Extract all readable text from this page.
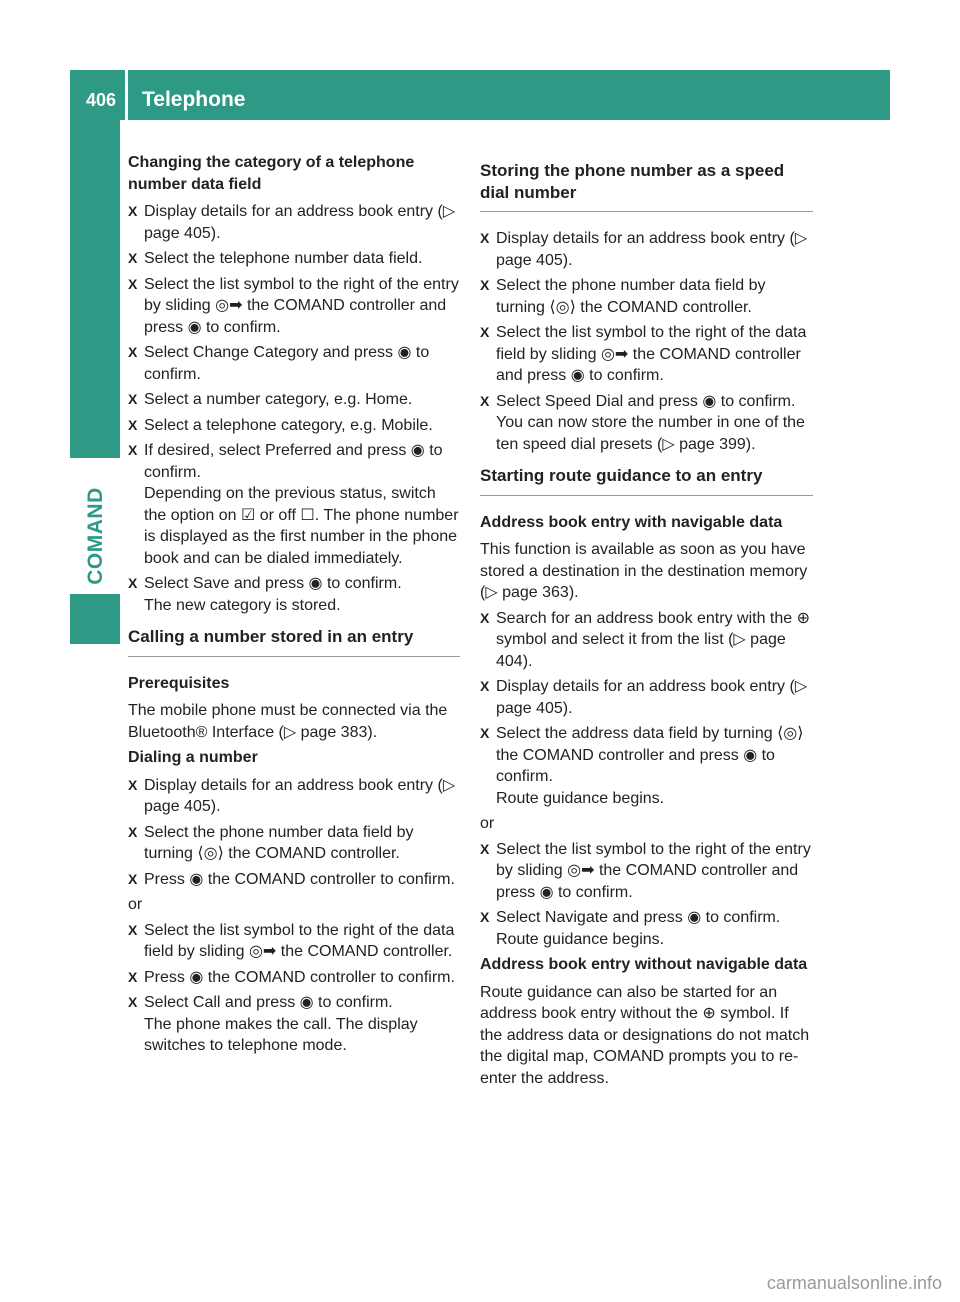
406 Telephone
COMAND
Changing the category of a telephone number data field
X Display details for an address book entry (▷ page 405).
X Select the telephone number data field.
X Select the list symbol to the right of the entry by sliding ◎➡ the COMAND controller and press ◉ to confirm.
X Select Change Category and press ◉ to confirm.
X Select a number category, e.g. Home.
X Select a telephone category, e.g. Mobile.
X If desired, select Preferred and press ◉ to confirm.
Depending on the previous status, switch the option on ☑ or off ☐. The phone number is displayed as the first number in the phone book and can be dialed immediately.
X Select Save and press ◉ to confirm.
The new category is stored.
Calling a number stored in an entry
Prerequisites
The mobile phone must be connected via the Bluetooth® Interface (▷ page 383).
Dialing a number
X Display details for an address book entry (▷ page 405).
X Select the phone number data field by turning ⟨◎⟩ the COMAND controller.
X Press ◉ the COMAND controller to confirm.
or
X Select the list symbol to the right of the data field by sliding ◎➡ the COMAND controller.
X Press ◉ the COMAND controller to confirm.
X Select Call and press ◉ to confirm.
The phone makes the call. The display switches to telephone mode.
Storing the phone number as a speed dial number
X Display details for an address book entry (▷ page 405).
X Select the phone number data field by turning ⟨◎⟩ the COMAND controller.
X Select the list symbol to the right of the data field by sliding ◎➡ the COMAND controller and press ◉ to confirm.
X Select Speed Dial and press ◉ to confirm.
You can now store the number in one of the ten speed dial presets (▷ page 399).
Starting route guidance to an entry
Address book entry with navigable data
This function is available as soon as you have stored a destination in the destination memory (▷ page 363).
X Search for an address book entry with the ⊕ symbol and select it from the list (▷ page 404).
X Display details for an address book entry (▷ page 405).
X Select the address data field by turning ⟨◎⟩ the COMAND controller and press ◉ to confirm.
Route guidance begins.
or
X Select the list symbol to the right of the entry by sliding ◎➡ the COMAND controller and press ◉ to confirm.
X Select Navigate and press ◉ to confirm.
Route guidance begins.
Address book entry without navigable data
Route guidance can also be started for an address book entry without the ⊕ symbol. If the address data or designations do not match the digital map, COMAND prompts you to re-enter the address.
carmanualsonline.info
